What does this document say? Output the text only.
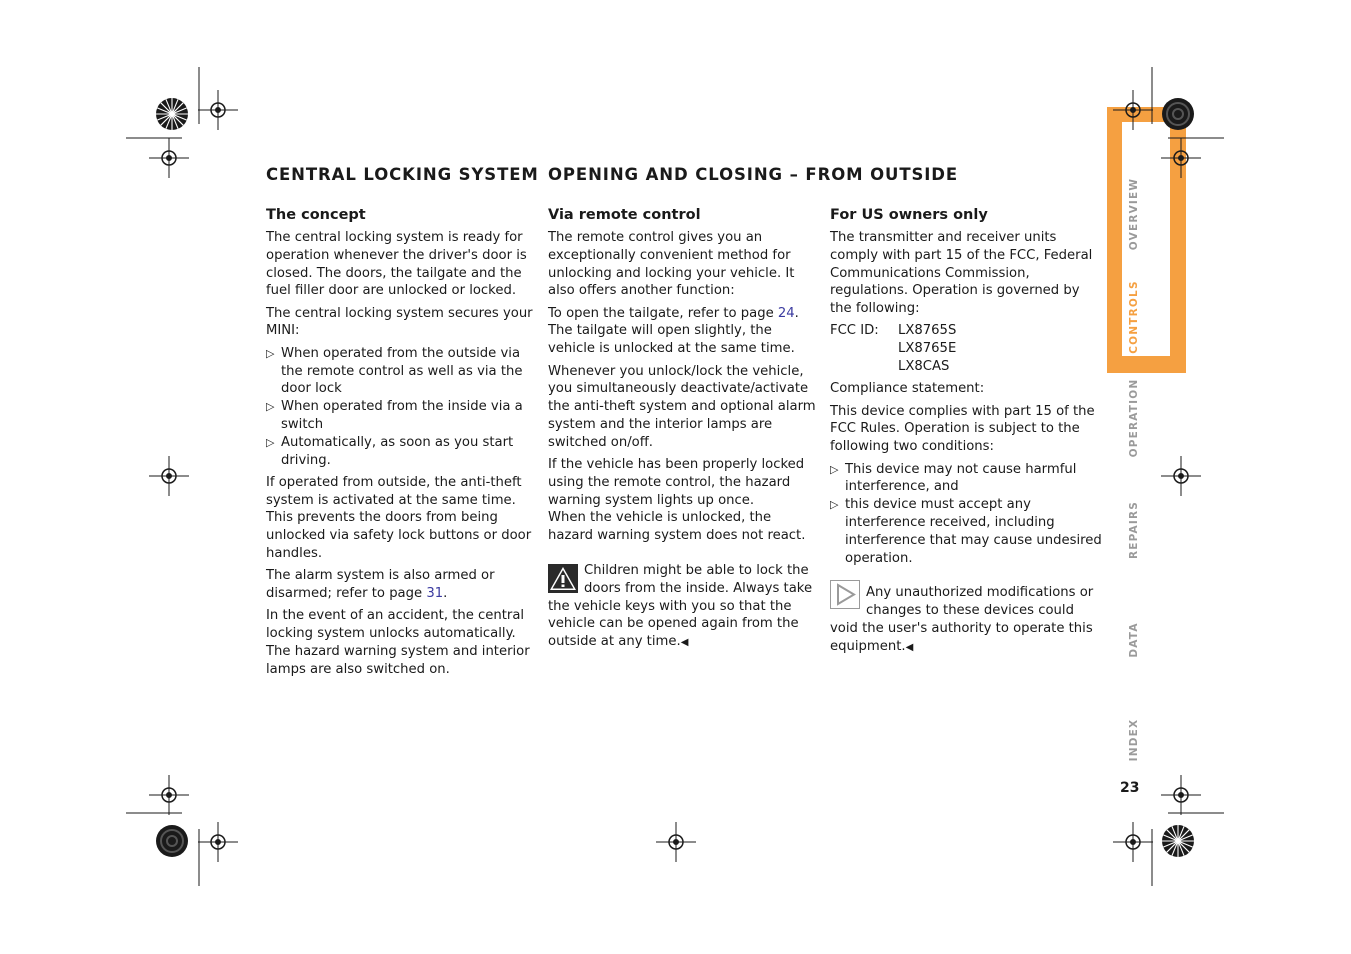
OVERVIEW
CONTROLS
OPERATION
REPAIRS
DATA
INDEX
23
CENTRAL LOCKING SYSTEM OPENING AND CLOSING – FROM OUTSIDE
The concept

The central locking system is ready for operation whenever the driver's door is closed. The doors, the tailgate and the fuel filler door are unlocked or locked.

The central locking system secures your MINI:

▷ When operated from the outside via the remote control as well as via the door lock
▷ When operated from the inside via a switch
▷ Automatically, as soon as you start driving.

If operated from outside, the anti-theft system is activated at the same time. This prevents the doors from being unlocked via safety lock buttons or door handles.

The alarm system is also armed or disarmed; refer to page 31.

In the event of an accident, the central locking system unlocks automatically. The hazard warning system and interior lamps are also switched on.

Via remote control

The remote control gives you an exceptionally convenient method for unlocking and locking your vehicle. It also offers another function:

To open the tailgate, refer to page 24.

The tailgate will open slightly, the vehicle is unlocked at the same time.

Whenever you unlock/lock the vehicle, you simultaneously deactivate/activate the anti-theft system and optional alarm system and the interior lamps are switched on/off.

If the vehicle has been properly locked using the remote control, the hazard warning system lights up once.

When the vehicle is unlocked, the hazard warning system does not react.

Children might be able to lock the doors from the inside. Always take the vehicle keys with you so that the vehicle can be opened again from the outside at any time.◀
For US owners only

The transmitter and receiver units comply with part 15 of the FCC, Federal Communications Commission, regulations. Operation is governed by the following:

FCC ID:	LX8765S
LX8765E
LX8CAS

Compliance statement:

This device complies with part 15 of the FCC Rules. Operation is subject to the following two conditions:

▷ This device may not cause harmful interference, and
▷ this device must accept any interference received, including interference that may cause undesired operation.
Any unauthorized modifications or changes to these devices could void the user's authority to operate this equipment.◀
